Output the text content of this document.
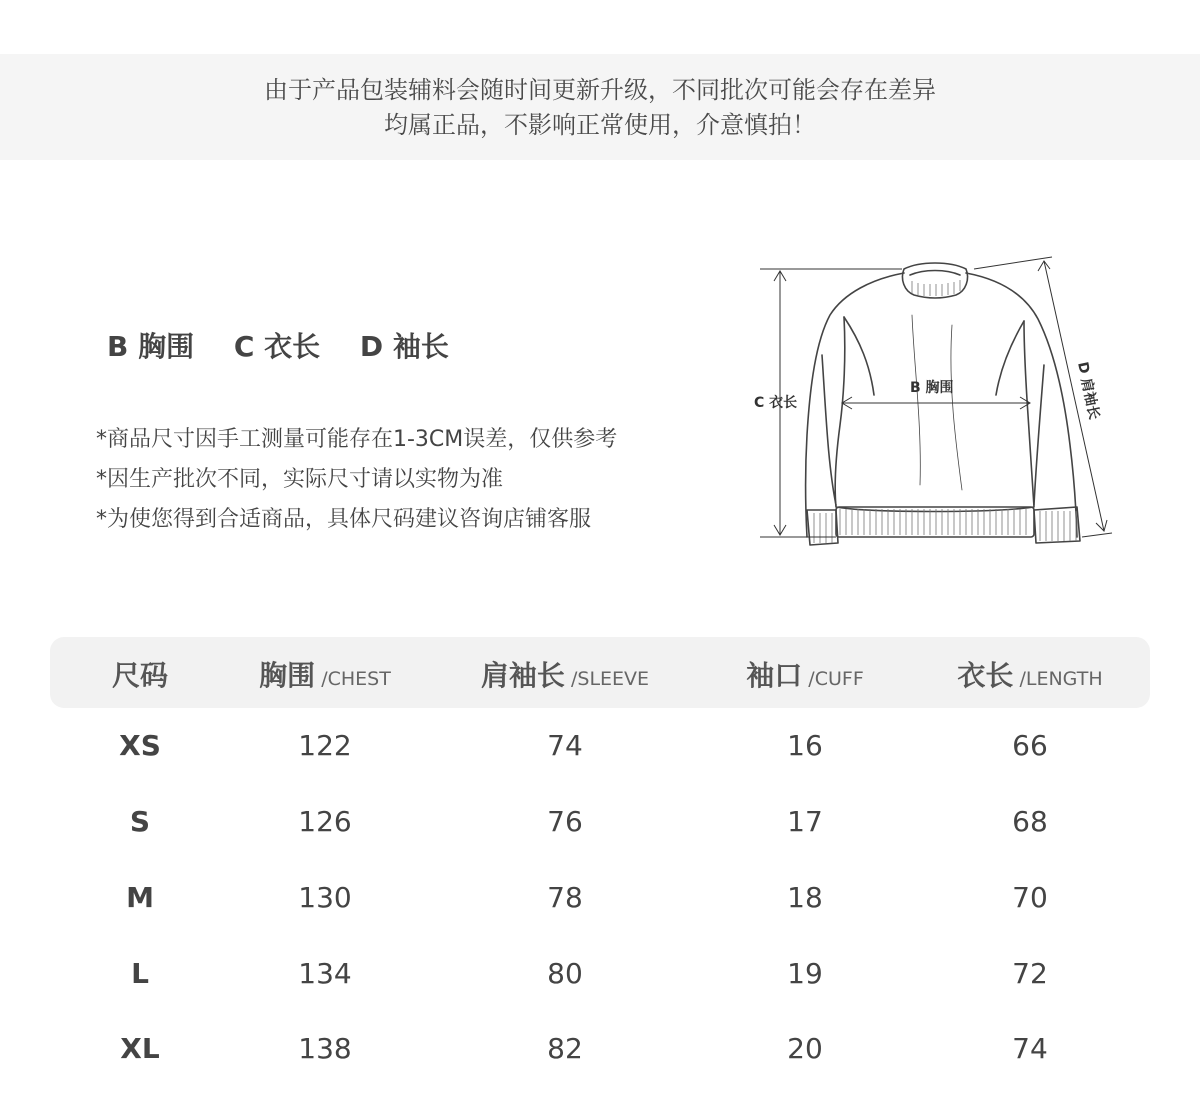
由于产品包装辅料会随时间更新升级，不同批次可能会存在差异
均属正品，不影响正常使用，介意慎拍！
B 胸围 C 衣长 D 袖长
*商品尺寸因手工测量可能存在1-3CM误差，仅供参考
*因生产批次不同，实际尺寸请以实物为准
*为使您得到合适商品，具体尺码建议咨询店铺客服
C 衣长
B 胸围	D 肩袖长
尺码	胸围 /CHEST	肩袖长 /SLEEVE	袖口 /CUFF	衣长 /LENGTH
XS	122	74	16	66
S	126	76	17	68
M	130	78	18	70
L	134	80	19	72
XL	138	82	20	74
